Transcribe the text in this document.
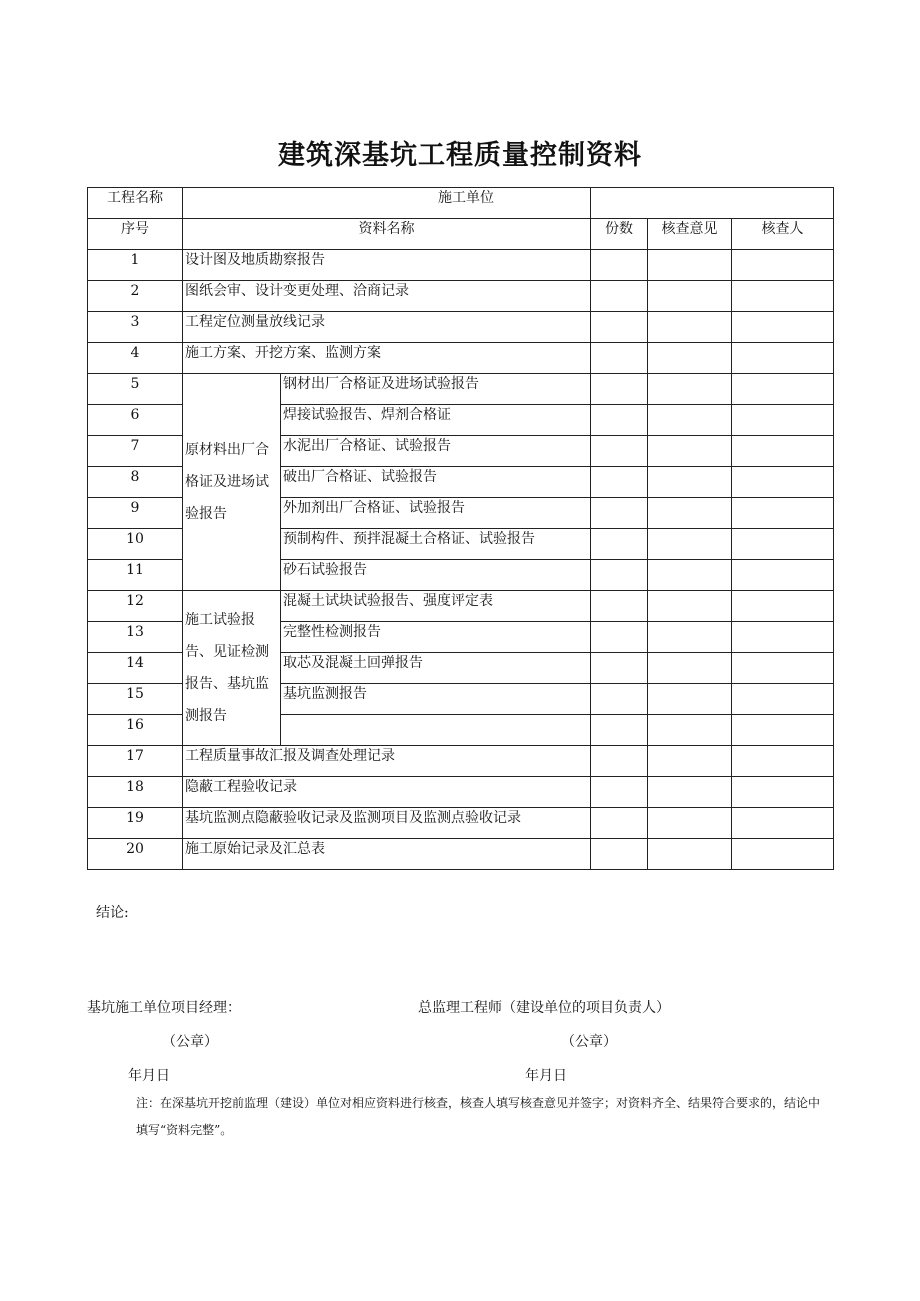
建筑深基坑工程质量控制资料
工程名称	施工单位				

序号	资料名称		份数	核查意见	核查人
1	设计图及地质勘察报告				
2	图纸会审、设计变更处理、洽商记录				
3	工程定位测量放线记录				
4	施工方案、开挖方案、监测方案				
5	原材料出厂合格证及进场试验报告	钢材出厂合格证及进场试验报告			
6		焊接试验报告、焊剂合格证			
7		水泥出厂合格证、试验报告			
8		破出厂合格证、试验报告			
9		外加剂出厂合格证、试验报告			
10		预制构件、预拌混凝土合格证、试验报告			
11		砂石试验报告			
12	施工试验报告、见证检测报告、基坑监测报告	混凝土试块试验报告、强度评定表			
13		完整性检测报告			
14		取芯及混凝土回弹报告			
15		基坑监测报告			
16					
17	工程质量事故汇报及调查处理记录				
18	隐蔽工程验收记录				
19	基坑监测点隐蔽验收记录及监测项目及监测点验收记录				
20	施工原始记录及汇总表				
结论:
基坑施工单位项目经理：	总监理工程师（建设单位的项目负责人）
（公章）	（公章）
年月日	年月日
注：在深基坑开挖前监理（建设）单位对相应资料进行核查，核查人填写核查意见并签字；对资料齐全、结果符合要求的，结论中填写“资料完整”。
